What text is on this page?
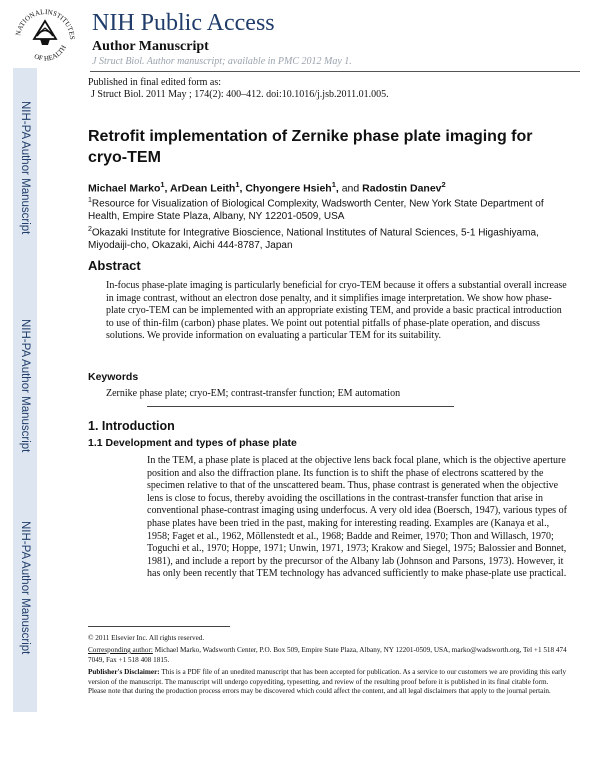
NATIONAL INSTITUTES
OF HEALTH
NIH Public Access
Author Manuscript
J Struct Biol. Author manuscript; available in PMC 2012 May 1.
NIH-PA Author Manuscript
NIH-PA Author Manuscript
NIH-PA Author Manuscript
Published in final edited form as:
J Struct Biol. 2011 May ; 174(2): 400–412. doi:10.1016/j.jsb.2011.01.005.
Retrofit implementation of Zernike phase plate imaging for cryo-TEM
Michael Marko$^1$, ArDean Leith$^1$, Chyongere Hsieh$^1$, and Radostin Danev$^2$
$^1$Resource for Visualization of Biological Complexity, Wadsworth Center, New York State Department of Health, Empire State Plaza, Albany, NY 12201-0509, USA
$^2$Okazaki Institute for Integrative Bioscience, National Institutes of Natural Sciences, 5-1 Higashiyama, Miyodaiji-cho, Okazaki, Aichi 444-8787, Japan
Abstract
In-focus phase-plate imaging is particularly beneficial for cryo-TEM because it offers a substantial overall increase in image contrast, without an electron dose penalty, and it simplifies image interpretation. We show how phase-plate cryo-TEM can be implemented with an appropriate existing TEM, and provide a basic practical introduction to use of thin-film (carbon) phase plates. We point out potential pitfalls of phase-plate operation, and discuss solutions. We provide information on evaluating a particular TEM for its suitability.
Keywords
Zernike phase plate; cryo-EM; contrast-transfer function; EM automation
1. Introduction
1.1 Development and types of phase plate
In the TEM, a phase plate is placed at the objective lens back focal plane, which is the objective aperture position and also the diffraction plane. Its function is to shift the phase of electrons scattered by the specimen relative to that of the unscattered beam. Thus, phase contrast is generated when the objective lens is close to focus, thereby avoiding the oscillations in the contrast-transfer function that arise in conventional phase-contrast imaging using underfocus. A very old idea (Boersch, 1947), various types of phase plates have been tried in the past, making for interesting reading. Examples are (Kanaya et al., 1958; Faget et al., 1962, Möllenstedt et al., 1968; Badde and Reimer, 1970; Thon and Willasch, 1970; Toguchi et al., 1970; Hoppe, 1971; Unwin, 1971, 1973; Krakow and Siegel, 1975; Balossier and Bonnet, 1981), and include a report by the precursor of the Albany lab (Johnson and Parsons, 1973). However, it has only been recently that TEM technology has advanced sufficiently to make phase-plate use practical.
© 2011 Elsevier Inc. All rights reserved.
Corresponding author: Michael Marko, Wadsworth Center, P.O. Box 509, Empire State Plaza, Albany, NY 12201-0509, USA, marko@wadsworth.org, Tel +1 518 474 7049, Fax +1 518 408 1815.
Publisher's Disclaimer: This is a PDF file of an unedited manuscript that has been accepted for publication. As a service to our customers we are providing this early version of the manuscript. The manuscript will undergo copyediting, typesetting, and review of the resulting proof before it is published in its final citable form. Please note that during the production process errors may be discovered which could affect the content, and all legal disclaimers that apply to the journal pertain.
